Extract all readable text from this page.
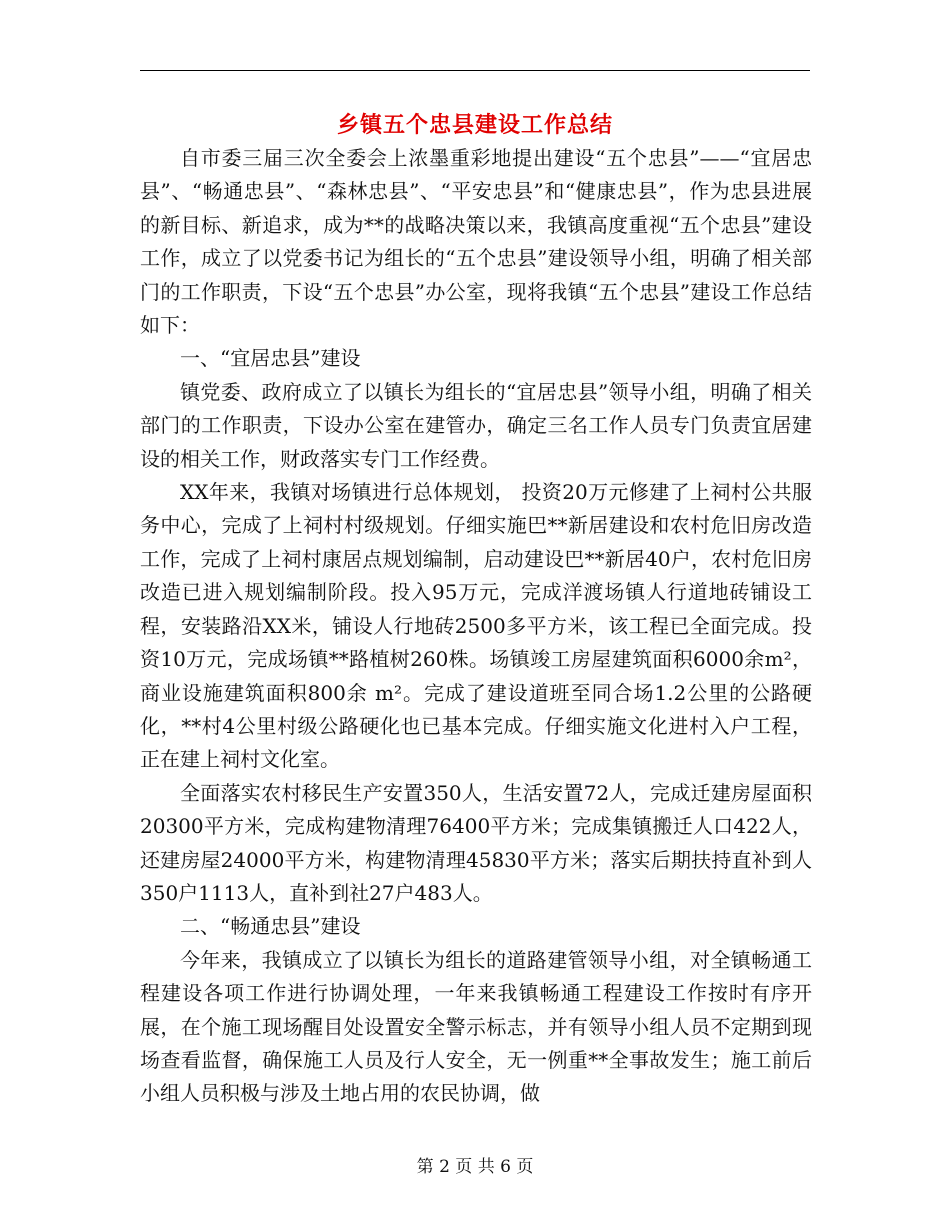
乡镇五个忠县建设工作总结

自市委三届三次全委会上浓墨重彩地提出建设“五个忠县”——“宜居忠县”、“畅通忠县”、“森林忠县”、“平安忠县”和“健康忠县”，作为忠县进展的新目标、新追求，成为**的战略决策以来，我镇高度重视“五个忠县”建设工作，成立了以党委书记为组长的“五个忠县”建设领导小组，明确了相关部门的工作职责，下设“五个忠县”办公室，现将我镇“五个忠县”建设工作总结如下：

一、“宜居忠县”建设

镇党委、政府成立了以镇长为组长的“宜居忠县”领导小组，明确了相关部门的工作职责，下设办公室在建管办，确定三名工作人员专门负责宜居建设的相关工作，财政落实专门工作经费。

XX年来，我镇对场镇进行总体规划， 投资20万元修建了上祠村公共服务中心，完成了上祠村村级规划。仔细实施巴**新居建设和农村危旧房改造工作，完成了上祠村康居点规划编制，启动建设巴**新居40户，农村危旧房改造已进入规划编制阶段。投入95万元，完成洋渡场镇人行道地砖铺设工程，安装路沿XX米，铺设人行地砖2500多平方米，该工程已全面完成。投资10万元，完成场镇**路植树260株。场镇竣工房屋建筑面积6000余m²，商业设施建筑面积800余 m²。完成了建设道班至同合场1.2公里的公路硬化，**村4公里村级公路硬化也已基本完成。仔细实施文化进村入户工程，正在建上祠村文化室。

全面落实农村移民生产安置350人，生活安置72人，完成迁建房屋面积20300平方米，完成构建物清理76400平方米；完成集镇搬迁人口422人，还建房屋24000平方米，构建物清理45830平方米；落实后期扶持直补到人350户1113人，直补到社27户483人。

二、“畅通忠县”建设

今年来，我镇成立了以镇长为组长的道路建管领导小组，对全镇畅通工程建设各项工作进行协调处理，一年来我镇畅通工程建设工作按时有序开展，在个施工现场醒目处设置安全警示标志，并有领导小组人员不定期到现场查看监督，确保施工人员及行人安全，无一例重**全事故发生；施工前后小组人员积极与涉及土地占用的农民协调，做

第 2 页 共 6 页
